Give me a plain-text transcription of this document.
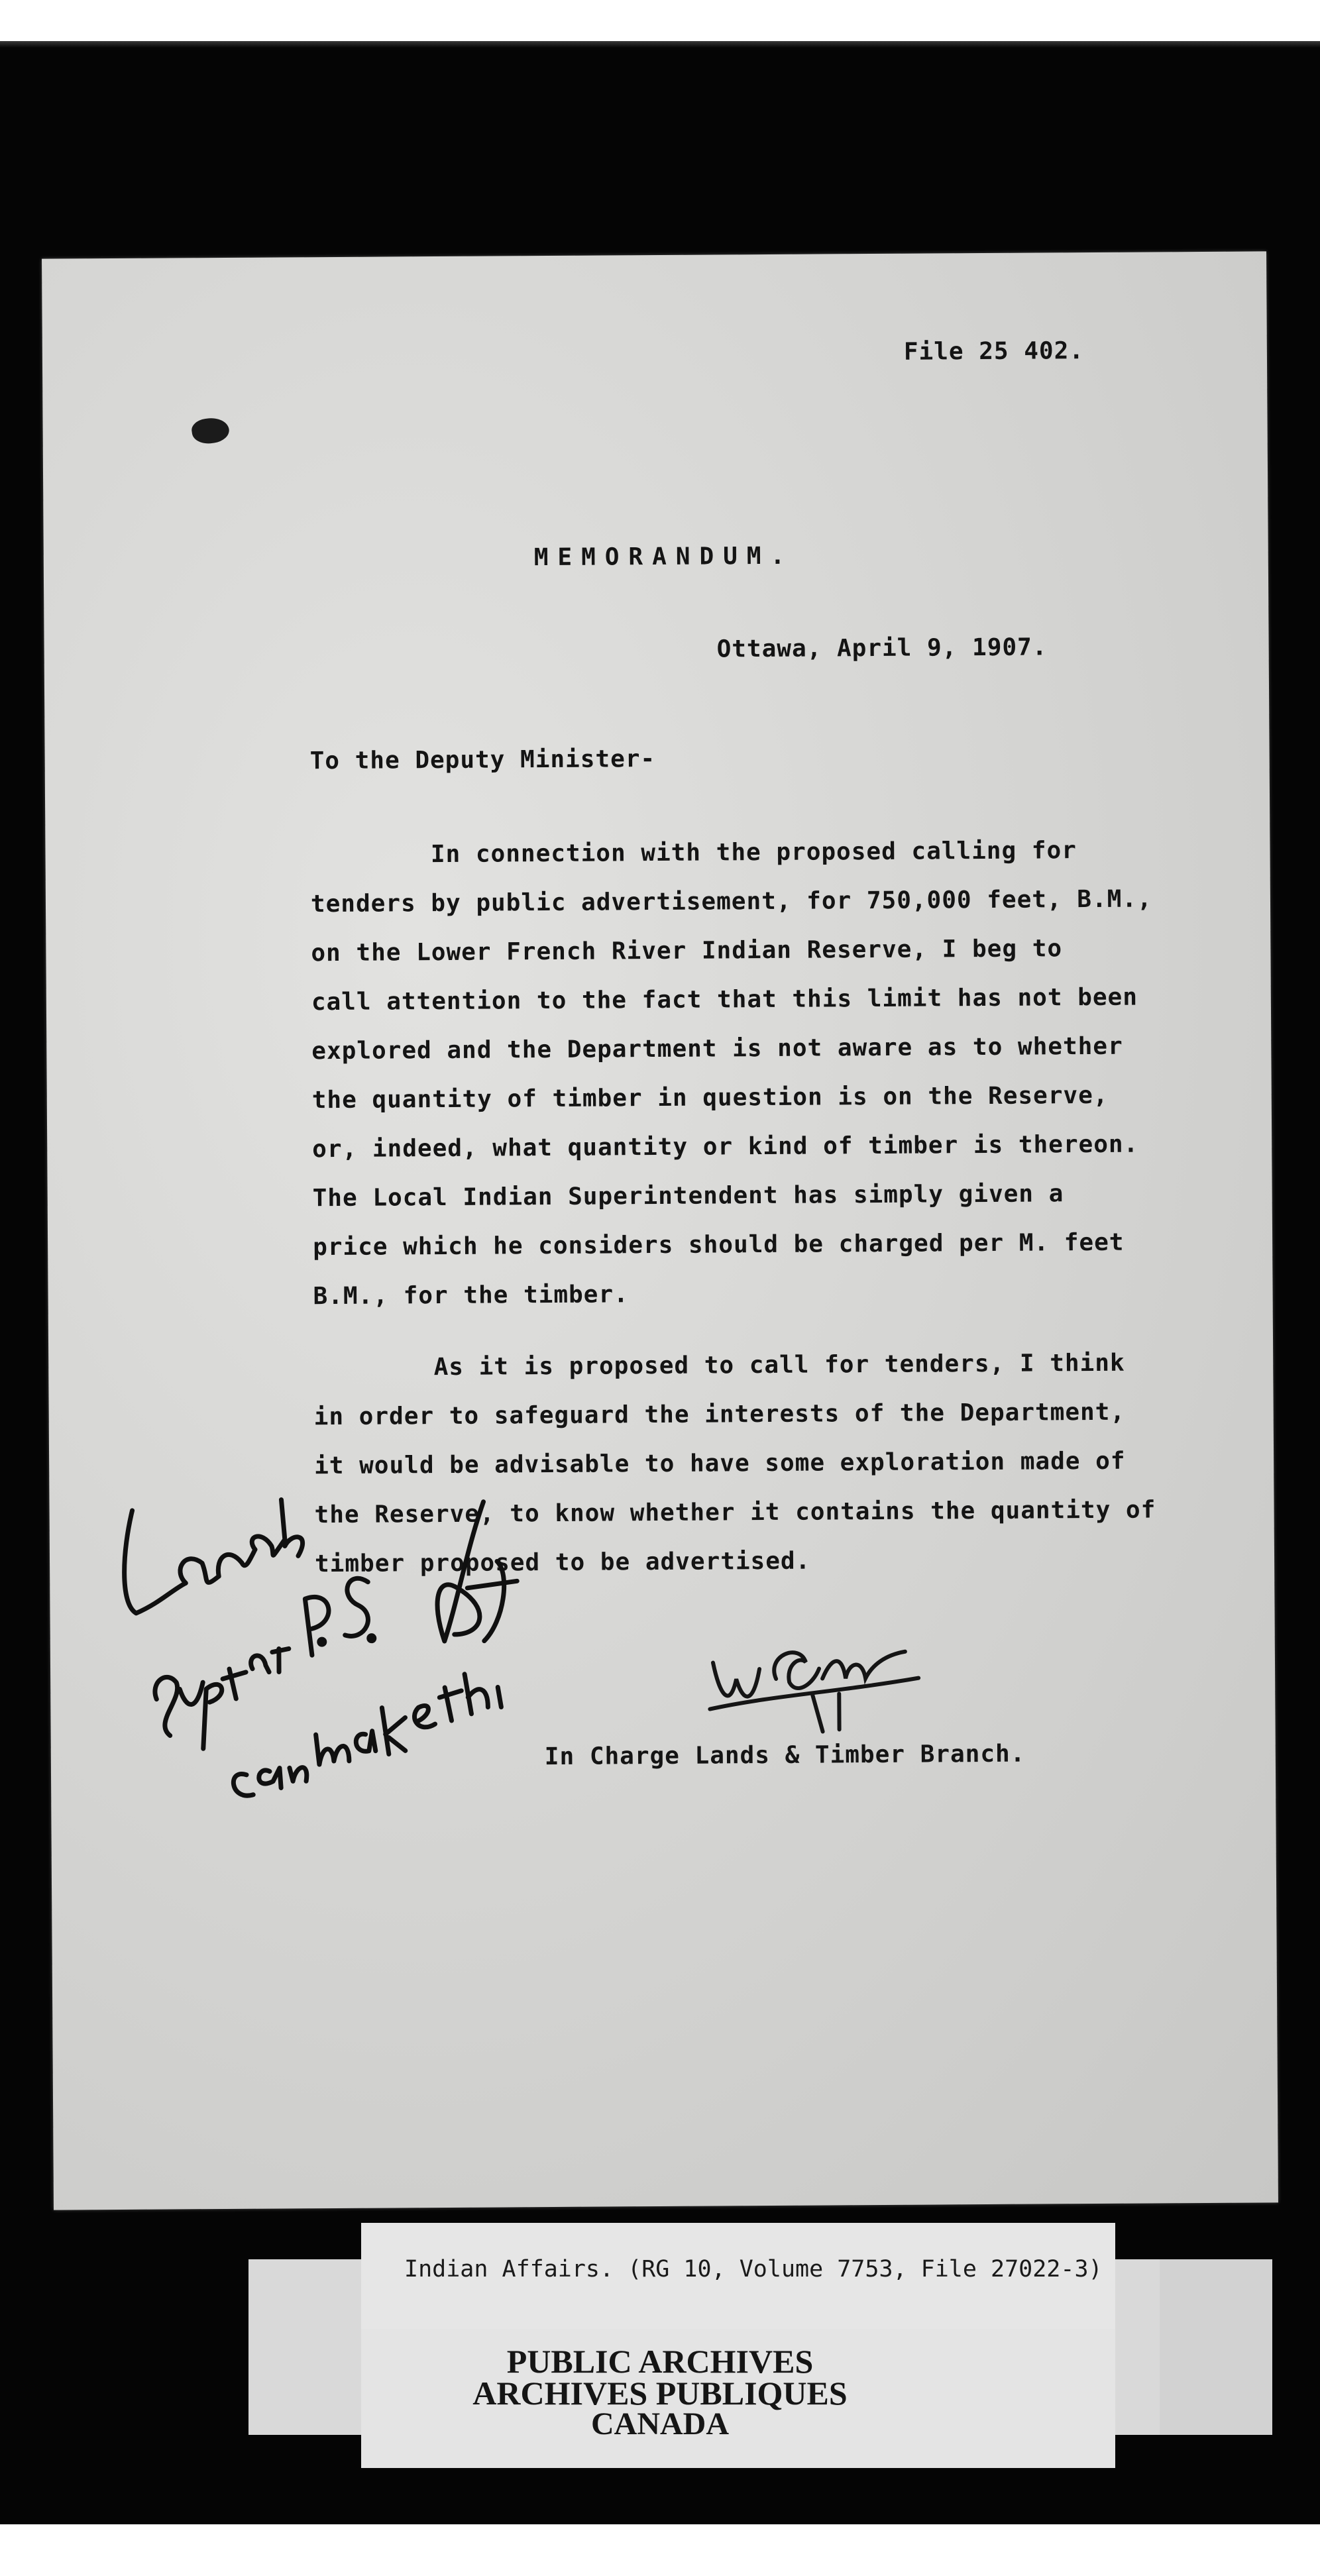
File 25 402.
MEMORANDUM.
Ottawa, April 9, 1907.
To the Deputy Minister-
In connection with the proposed calling for
tenders by public advertisement, for 750,000 feet, B.M.,
on the Lower French River Indian Reserve, I beg to
call attention to the fact that this limit has not been
explored and the Department is not aware as to whether
the quantity of timber in question is on the Reserve,
or, indeed, what quantity or kind of timber is thereon.
The Local Indian Superintendent has simply given a
price which he considers should be charged per M. feet
B.M., for the timber.
As it is proposed to call for tenders, I think
in order to safeguard the interests of the Department,
it would be advisable to have some exploration made of
the Reserve, to know whether it contains the quantity of
timber proposed to be advertised.
In Charge Lands & Timber Branch.
Indian Affairs. (RG 10, Volume 7753, File 27022-3)
PUBLIC ARCHIVES
ARCHIVES PUBLIQUES
CANADA
